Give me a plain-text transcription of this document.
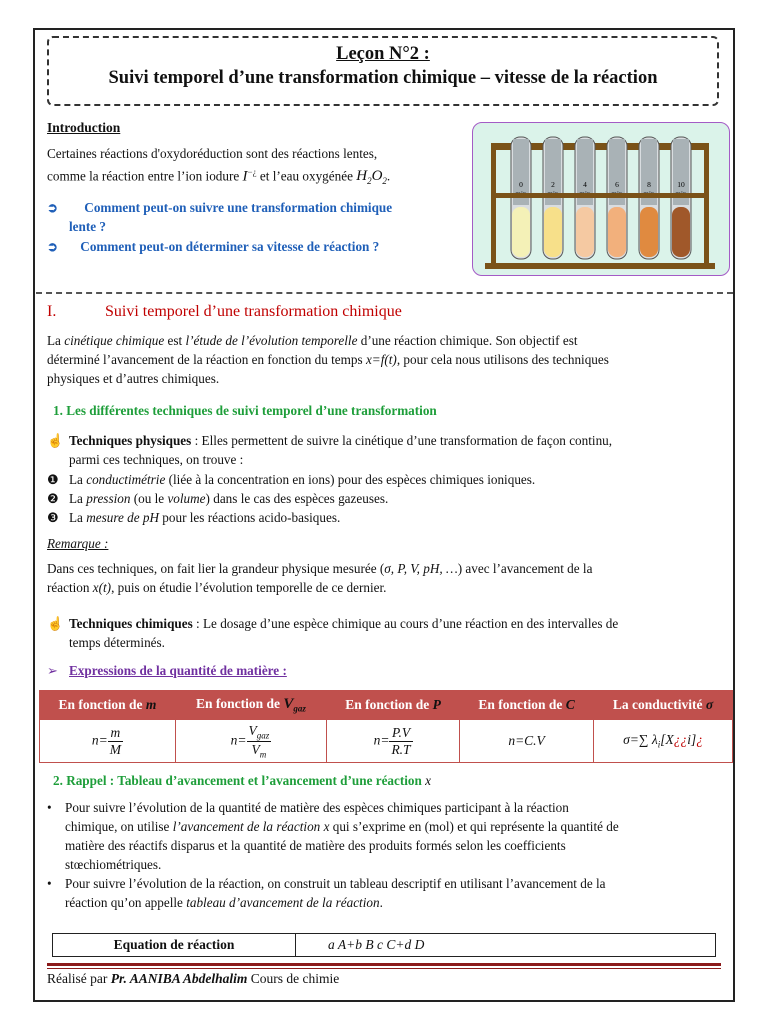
Leçon N°2 :
Suivi temporel d’une transformation chimique – vitesse de la réaction
Introduction
Certaines réactions d'oxydoréduction sont des réactions lentes,
comme la réaction entre l’ion iodure I−¿ et l’eau oxygénée $H_2O_2$.
➲ Comment peut-on suivre une transformation chimique
lente ?
➲ Comment peut-on déterminer sa vitesse de réaction ?
0	2	4	6	8	10
I.	Suivi temporel d’une transformation chimique
La cinétique chimique est l’étude de l’évolution temporelle d’une réaction chimique. Son objectif est
déterminé l’avancement de la réaction en fonction du temps x=f(t), pour cela nous utilisons des techniques
physiques et d’autres chimiques.
1. Les différentes techniques de suivi temporel d’une transformation
☝ Techniques physiques : Elles permettent de suivre la cinétique d’une transformation de façon continu,
parmi ces techniques, on trouve :
❶ La conductimétrie (liée à la concentration en ions) pour des espèces chimiques ioniques.
❷ La pression (ou le volume) dans le cas des espèces gazeuses.
❸ La mesure de pH pour les réactions acido-basiques.
Remarque :
Dans ces techniques, on fait lier la grandeur physique mesurée (σ, P, V, pH, …) avec l’avancement de la
réaction x(t), puis on étudie l’évolution temporelle de ce dernier.
☝ Techniques chimiques : Le dosage d’une espèce chimique au cours d’une réaction en des intervalles de
temps déterminés.
➢ Expressions de la quantité de matière :
En fonction de m	En fonction de $V_{gaz}$	En fonction de P	En fonction de C	La conductivité σ
$n= \frac{m}{M}$	$n= \frac{V_{gaz}}{V_m}$	$n= \frac{P.V}{R.T}$	n=C.V	σ=∑ $\lambda_i[X¿¿i]¿$
2. Rappel : Tableau d’avancement et l’avancement d’une réaction x
•	Pour suivre l’évolution de la quantité de matière des espèces chimiques participant à la réaction
chimique, on utilise l’avancement de la réaction x qui s’exprime en (mol) et qui représente la quantité de
matière des réactifs disparus et la quantité de matière des produits formés selon les coefficients
stœchiométriques.
•	Pour suivre l’évolution de la réaction, on construit un tableau descriptif en utilisant l’avancement de la
réaction qu’on appelle tableau d’avancement de la réaction.
Equation de réaction	a A+b B c C+d D
Réalisé par Pr. AANIBA Abdelhalim Cours de chimie
